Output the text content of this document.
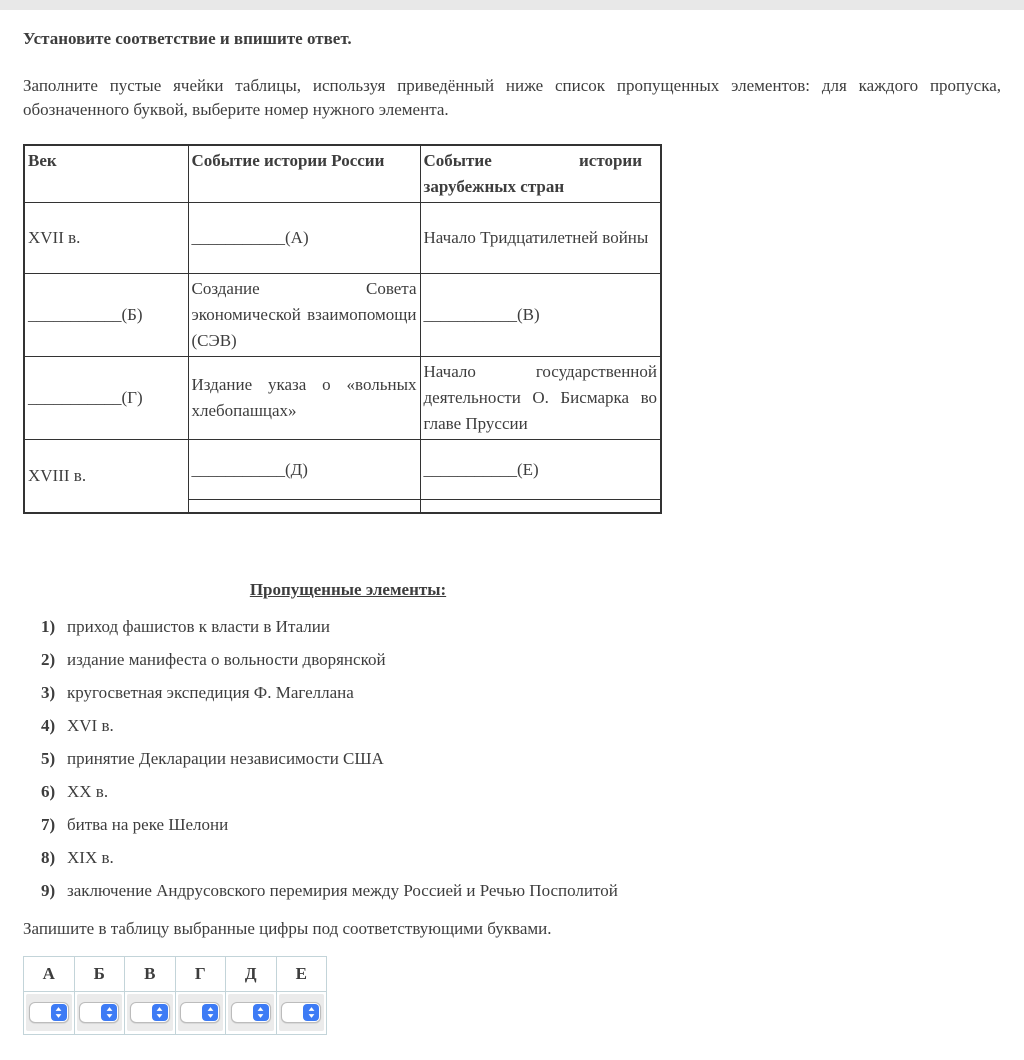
Установите соответствие и впишите ответ.

Заполните пустые ячейки таблицы, используя приведённый ниже список пропущенных элементов: для каждого пропуска, обозначенного буквой, выберите номер нужного элемента.

Век	Событие истории России	Событие истории зарубежных стран
XVII в.	___________(А)	Начало Тридцатилетней войны
___________(Б)	Создание Совета экономической взаимопомощи (СЭВ)	___________(В)
___________(Г)	Издание указа о «вольных хлебопашцах»	Начало государственной деятельности О. Бисмарка во главе Пруссии
XVIII в.	___________(Д)	___________(Е)

Пропущенные элементы:
1) приход фашистов к власти в Италии
2) издание манифеста о вольности дворянской
3) кругосветная экспедиция Ф. Магеллана
4) XVI в.
5) принятие Декларации независимости США
6) XX в.
7) битва на реке Шелони
8) XIX в.
9) заключение Андрусовского перемирия между Россией и Речью Посполитой

Запишите в таблицу выбранные цифры под соответствующими буквами.

А	Б	В	Г	Д	Е
